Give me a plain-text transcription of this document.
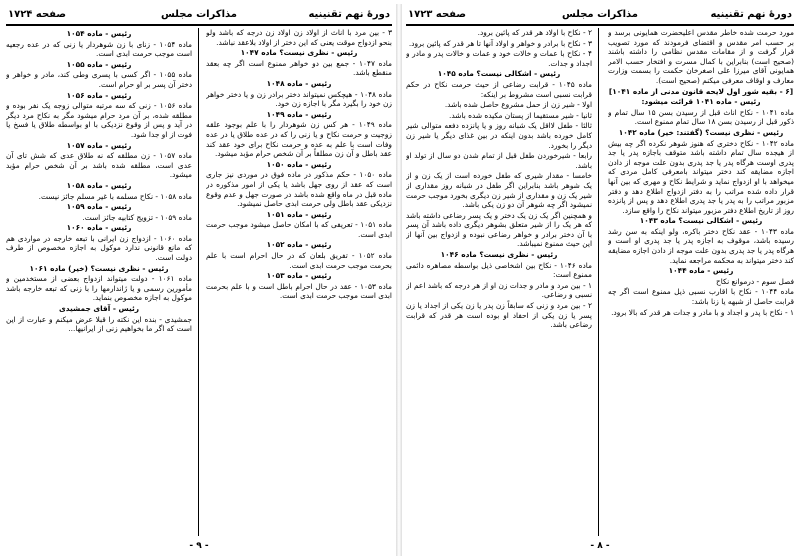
دورهٔ نهم تقنینیه
مذاکرات مجلس
صفحه ۱۷۲۴
۳ - بین مرد با اناث از اولاد زن اولاد زن درجه که باشد ولو بنحو ازدواج موقت یعنی که این دختر از اولاد بلاعقد نباشد.
رئیس - نظری نیست؟ ماده ۱۰۴۷
ماده ۱۰۴۷ - جمع بین دو خواهر ممنوع است اگر چه بعقد منقطع باشد.
رئیس - ماده ۱۰۴۸
ماده ۱۰۴۸ - هیچکس نمیتواند دختر برادر زن و یا دختر خواهر زن خود را بگیرد مگر با اجازه زن خود.
رئیس - ماده ۱۰۴۹
ماده ۱۰۴۹ - هر کس زن شوهردار را با علم بوجود علقه زوجیت و حرمت نکاح و یا زنی را که در عده طلاق یا در عده وفات است با علم به عده و حرمت نکاح برای خود عقد کند عقد باطل و آن زن مطلقاً بر آن شخص حرام مؤبد میشود.
رئیس - ماده ۱۰۵۰
ماده ۱۰۵۰ - حکم مذکور در ماده فوق در موردی نیز جاری است که عقد از روی جهل باشد یا یکی از امور مذکوره در ماده قبل در ماه واقع شده باشد در صورت جهل و عدم وقوع نزدیکی عقد باطل ولی حرمت ابدی حاصل نمیشود.
رئیس - ماده ۱۰۵۱
ماده ۱۰۵۱ - تعریفی که با امکان حاصل میشود موجب حرمت ابدی است.
رئیس - ماده ۱۰۵۲
ماده ۱۰۵۲ - تفریق بلعان که در حال احرام است با علم بحرمت موجب حرمت ابدی است.
رئیس - ماده ۱۰۵۳
ماده ۱۰۵۳ - عقد در حال احرام باطل است و با علم بحرمت ابدی است موجب حرمت ابدی است.
رئیس - ماده ۱۰۵۴
ماده ۱۰۵۴ - زنای با زن شوهردار یا زنی که در عده رجعیه است موجب حرمت ابدی است.
رئیس - ماده ۱۰۵۵
ماده ۱۰۵۵ - اگر کسی با پسری وطی کند، مادر و خواهر و دختر آن پسر بر او حرام است.
رئیس - ماده ۱۰۵۶
ماده ۱۰۵۶ - زنی که سه مرتبه متوالی زوجه یک نفر بوده و مطلقه شده، بر آن مرد حرام میشود مگر به نکاح مرد دیگر در آید و پس از وقوع نزدیکی با او بواسطه طلاق یا فسخ یا فوت از او جدا شود.
رئیس - ماده ۱۰۵۷
ماده ۱۰۵۷ - زن مطلقه که نه طلاق عدی که شش تای آن عدی است، مطلقه شده باشد بر آن شخص حرام مؤبد میشود.
رئیس - ماده ۱۰۵۸
ماده ۱۰۵۸ - نکاح مسلمه با غیر مسلم جائز نیست.
رئیس - ماده ۱۰۵۹
ماده ۱۰۵۹ - تزویج کتابیه جائز است.
رئیس - ماده ۱۰۶۰
ماده ۱۰۶۰ - ازدواج زن ایرانی با تبعه خارجه در مواردی هم که مانع قانونی ندارد موکول به اجازه مخصوص از طرف دولت است.
رئیس - نظری نیست؟ (خیر) ماده ۱۰۶۱
ماده ۱۰۶۱ - دولت میتواند ازدواج بعضی از مستخدمین و مأمورین رسمی و یا ژاندارمها را با زنی که تبعه خارجه باشد موکول به اجازه مخصوص بنماید.
رئیس - آقای جمشیدی
جمشیدی - بنده این نکته را قبلا عرض میکنم و عبارت از این است که اگر ما بخواهیم زنی از ایرانیها...
- ۹ -
دورهٔ نهم تقنینیه
مذاکرات مجلس
صفحه ۱۷۲۳
مورد حرمت شده خاطر مقدس اعلیحضرت همایونی برسد و بر حسب امر مقدس و اقتضای فرمودند که مورد تصویب قرار گرفت و از مقامات مقدس نظامی را داشته باشند (صحیح است) بنابراین با کمال مسرت و افتخار حسب الامر همایونی آقای میرزا علی اصغرخان حکمت را بسمت وزارت معارف و اوقاف معرفی میکنم (صحیح است).
[۶ - بقیه شور اول لایحه قانون مدنی از ماده ۱۰۴۱]
رئیس - ماده ۱۰۴۱ قرائت میشود:
ماده ۱۰۴۱ - نکاح اناث قبل از رسیدن بسن ۱۵ سال تمام و ذکور قبل از رسیدن بسن ۱۸ سال تمام ممنوع است.
رئیس - نظری نیست؟ (گفتند: خیر) ماده ۱۰۴۲
ماده ۱۰۴۲ - نکاح دختری که هنوز شوهر نکرده اگر چه بیش از هیجده سال تمام داشته باشد متوقف باجازه پدر یا جد پدری اوست هرگاه پدر یا جد پدری بدون علت موجه از دادن اجازه مضایقه کند دختر میتواند بامعرفی کامل مردی که میخواهد با او ازدواج نماید و شرایط نکاح و مهری که بین آنها قرار داده شده مراتب را به دفتر ازدواج اطلاع دهد و دفتر مزبور مراتب را به پدر یا جد پدری اطلاع دهد و پس از پانزده روز از تاریخ اطلاع دفتر مزبور میتواند نکاح را واقع سازد.
رئیس - اشکالی نیست؟ ماده ۱۰۴۳
ماده ۱۰۴۳ - عقد نکاح دختر باکره، ولو اینکه به سن رشد رسیده باشد، موقوف به اجازه پدر یا جد پدری او است و هرگاه پدر یا جد پدری بدون علت موجه از دادن اجازه مضایقه کند دختر میتواند به محکمه مراجعه نماید.
رئیس - ماده ۱۰۴۴
فصل سوم - درموانع نکاح
ماده ۱۰۴۴ - نکاح با اقارب نسبی ذیل ممنوع است اگر چه قرابت حاصل از شبهه یا زنا باشد:
۱ - نکاح با پدر و اجداد و با مادر و جدات هر قدر که بالا برود.
۲ - نکاح با اولاد هر قدر که پائین برود.
۳ - نکاح با برادر و خواهر و اولاد آنها تا هر قدر که پائین برود.
۴ - نکاح با عمات و خالات خود و عمات و خالات پدر و مادر و اجداد و جدات.
رئیس - اشکالی نیست؟ ماده ۱۰۴۵
ماده ۱۰۴۵ - قرابت رضاعی از حیث حرمت نکاح در حکم قرابت نسبی است مشروط بر اینکه:
اولا - شیر زن از حمل مشروع حاصل شده باشد.
ثانیا - شیر مستقیما از پستان مکیده شده باشد.
ثالثا - طفل لااقل یک شبانه روز و یا پانزده دفعه متوالی شیر کامل خورده باشد بدون اینکه در بین غذای دیگر یا شیر زن دیگر را بخورد.
رابعا - شیرخوردن طفل قبل از تمام شدن دو سال از تولد او باشد.
خامسا - مقدار شیری که طفل خورده است از یک زن و از یک شوهر باشد بنابراین اگر طفل در شبانه روز مقداری از شیر یک زن و مقداری از شیر زن دیگری بخورد موجب حرمت نمیشود اگر چه شوهر آن دو زن یکی باشد.
و همچنین اگر یک زن یک دختر و یک پسر رضاعی داشته باشد که هر یک را از شیر متعلق بشوهر دیگری داده باشد آن پسر با آن دختر برادر و خواهر رضاعی نبوده و ازدواج بین آنها از این حیث ممنوع نمیباشد.
رئیس - نظری نیست؟ ماده ۱۰۴۶
ماده ۱۰۴۶ - نکاح بین اشخاصی ذیل بواسطه مصاهره دائمی ممنوع است:
۱ - بین مرد و مادر و جدات زن او از هر درجه که باشد اعم از نسبی و رضاعی.
۲ - بین مرد و زنی که سابقاً زن پدر یا زن یکی از اجداد یا زن پسر یا زن یکی از احفاد او بوده است هر قدر که قرابت رضاعی باشد.
- ۸ -
